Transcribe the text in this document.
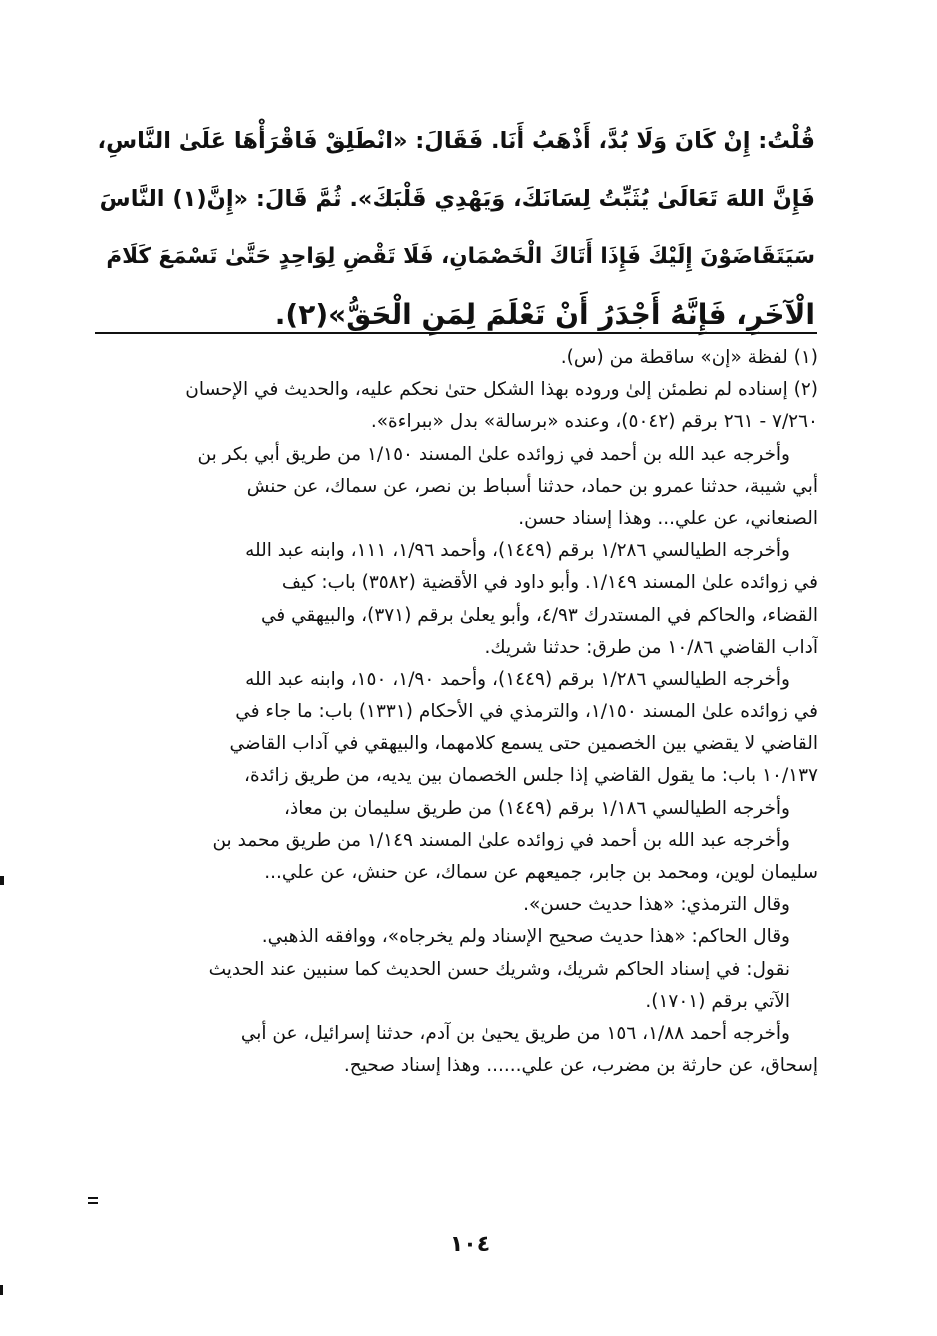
قُلْتُ: إِنْ كَانَ وَلَا بُدَّ، أَذْهَبُ أَنَا. فَقَالَ: «انْطَلِقْ فَاقْرَأْهَا عَلَىٰ النَّاسِ،
فَإِنَّ اللهَ تَعَالَىٰ يُثَبِّتُ لِسَانَكَ، وَيَهْدِي قَلْبَكَ». ثُمَّ قَالَ: «إِنَّ(١) النَّاسَ
سَيَتَقَاضَوْنَ إِلَيْكَ فَإِذَا أَتَاكَ الْخَصْمَانِ، فَلَا تَقْضِ لِوَاحِدٍ حَتَّىٰ تَسْمَعَ كَلَامَ
الْآخَرِ، فَإِنَّهُ أَجْدَرُ أَنْ تَعْلَمَ لِمَنِ الْحَقُّ»(٢).
(١) لفظة «إن» ساقطة من (س).
(٢) إسناده لم نطمئن إلىٰ وروده بهذا الشكل حتىٰ نحكم عليه، والحديث في الإحسان
٧/٢٦٠ - ٢٦١ برقم (٥٠٤٢)، وعنده «برسالة» بدل «ببراءة».
وأخرجه عبد الله بن أحمد في زوائده علىٰ المسند ١/١٥٠ من طريق أبي بكر بن
أبي شيبة، حدثنا عمرو بن حماد، حدثنا أسباط بن نصر، عن سماك، عن حنش
الصنعاني، عن علي... وهذا إسناد حسن.
وأخرجه الطيالسي ١/٢٨٦ برقم (١٤٤٩)، وأحمد ١/٩٦، ١١١، وابنه عبد الله
في زوائده علىٰ المسند ١/١٤٩. وأبو داود في الأقضية (٣٥٨٢) باب: كيف
القضاء، والحاكم في المستدرك ٤/٩٣، وأبو يعلىٰ برقم (٣٧١)، والبيهقي في
آداب القاضي ١٠/٨٦ من طرق: حدثنا شريك.
وأخرجه الطيالسي ١/٢٨٦ برقم (١٤٤٩)، وأحمد ١/٩٠، ١٥٠، وابنه عبد الله
في زوائده علىٰ المسند ١/١٥٠، والترمذي في الأحكام (١٣٣١) باب: ما جاء في
القاضي لا يقضي بين الخصمين حتى يسمع كلامهما، والبيهقي في آداب القاضي
١٠/١٣٧ باب: ما يقول القاضي إذا جلس الخصمان بين يديه، من طريق زائدة،
وأخرجه الطيالسي ١/١٨٦ برقم (١٤٤٩) من طريق سليمان بن معاذ،
وأخرجه عبد الله بن أحمد في زوائده علىٰ المسند ١/١٤٩ من طريق محمد بن
سليمان لوين، ومحمد بن جابر، جميعهم عن سماك، عن حنش، عن علي...
وقال الترمذي: «هذا حديث حسن».
وقال الحاكم: «هذا حديث صحيح الإسناد ولم يخرجاه»، ووافقه الذهبي.
نقول: في إسناد الحاكم شريك، وشريك حسن الحديث كما سنبين عند الحديث
الآتي برقم (١٧٠١).
وأخرجه أحمد ١/٨٨، ١٥٦ من طريق يحيىٰ بن آدم، حدثنا إسرائيل، عن أبي
إسحاق، عن حارثة بن مضرب، عن علي...... وهذا إسناد صحيح.
١٠٤
